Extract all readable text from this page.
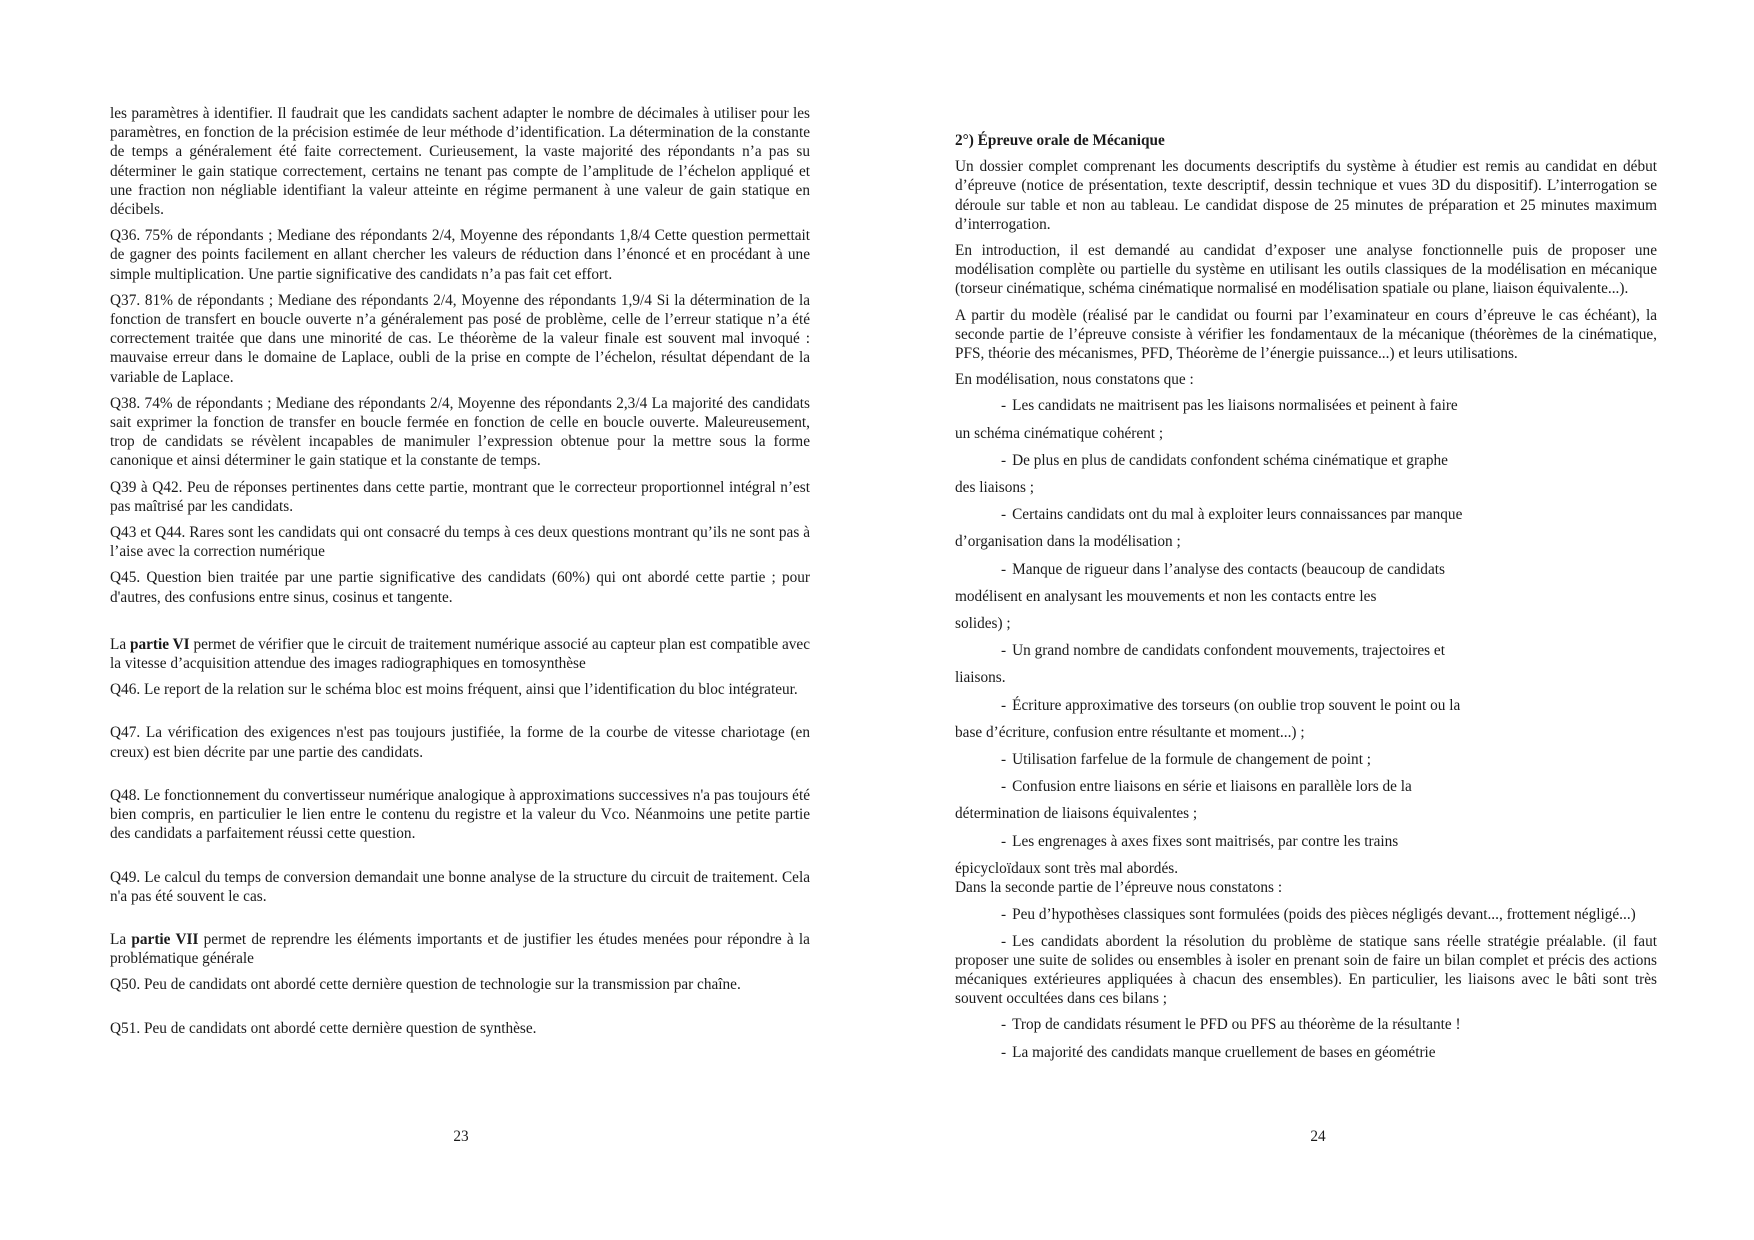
les paramètres à identifier. Il faudrait que les candidats sachent adapter le nombre de décimales à utiliser pour les paramètres, en fonction de la précision estimée de leur méthode d’identification. La détermination de la constante de temps a généralement été faite correctement. Curieusement, la vaste majorité des répondants n’a pas su déterminer le gain statique correctement, certains ne tenant pas compte de l’amplitude de l’échelon appliqué et une fraction non négliable identifiant la valeur atteinte en régime permanent à une valeur de gain statique en décibels.

Q36. 75% de répondants ; Mediane des répondants 2/4, Moyenne des répondants 1,8/4 Cette question permettait de gagner des points facilement en allant chercher les valeurs de réduction dans l’énoncé et en procédant à une simple multiplication. Une partie significative des candidats n’a pas fait cet effort.

Q37. 81% de répondants ; Mediane des répondants 2/4, Moyenne des répondants 1,9/4 Si la détermination de la fonction de transfert en boucle ouverte n’a généralement pas posé de problème, celle de l’erreur statique n’a été correctement traitée que dans une minorité de cas. Le théorème de la valeur finale est souvent mal invoqué : mauvaise erreur dans le domaine de Laplace, oubli de la prise en compte de l’échelon, résultat dépendant de la variable de Laplace.

Q38. 74% de répondants ; Mediane des répondants 2/4, Moyenne des répondants 2,3/4 La majorité des candidats sait exprimer la fonction de transfer en boucle fermée en fonction de celle en boucle ouverte. Maleureusement, trop de candidats se révèlent incapables de manimuler l’expression obtenue pour la mettre sous la forme canonique et ainsi déterminer le gain statique et la constante de temps.

Q39 à Q42. Peu de réponses pertinentes dans cette partie, montrant que le correcteur proportionnel intégral n’est pas maîtrisé par les candidats.

Q43 et Q44. Rares sont les candidats qui ont consacré du temps à ces deux questions montrant qu’ils ne sont pas à l’aise avec la correction numérique

Q45. Question bien traitée par une partie significative des candidats (60%) qui ont abordé cette partie ; pour d'autres, des confusions entre sinus, cosinus et tangente.

La partie VI permet de vérifier que le circuit de traitement numérique associé au capteur plan est compatible avec la vitesse d’acquisition attendue des images radiographiques en tomosynthèse

Q46. Le report de la relation sur le schéma bloc est moins fréquent, ainsi que l’identification du bloc intégrateur.

Q47. La vérification des exigences n'est pas toujours justifiée, la forme de la courbe de vitesse chariotage (en creux) est bien décrite par une partie des candidats.

Q48. Le fonctionnement du convertisseur numérique analogique à approximations successives n'a pas toujours été bien compris, en particulier le lien entre le contenu du registre et la valeur du Vco. Néanmoins une petite partie des candidats a parfaitement réussi cette question.

Q49. Le calcul du temps de conversion demandait une bonne analyse de la structure du circuit de traitement. Cela n'a pas été souvent le cas.

La partie VII permet de reprendre les éléments importants et de justifier les études menées pour répondre à la problématique générale

Q50. Peu de candidats ont abordé cette dernière question de technologie sur la transmission par chaîne.

Q51. Peu de candidats ont abordé cette dernière question de synthèse.

23
2°) Épreuve orale de Mécanique

Un dossier complet comprenant les documents descriptifs du système à étudier est remis au candidat en début d’épreuve (notice de présentation, texte descriptif, dessin technique et vues 3D du dispositif). L’interrogation se déroule sur table et non au tableau. Le candidat dispose de 25 minutes de préparation et 25 minutes maximum d’interrogation.

En introduction, il est demandé au candidat d’exposer une analyse fonctionnelle puis de proposer une modélisation complète ou partielle du système en utilisant les outils classiques de la modélisation en mécanique (torseur cinématique, schéma cinématique normalisé en modélisation spatiale ou plane, liaison équivalente...).

A partir du modèle (réalisé par le candidat ou fourni par l’examinateur en cours d’épreuve le cas échéant), la seconde partie de l’épreuve consiste à vérifier les fondamentaux de la mécanique (théorèmes de la cinématique, PFS, théorie des mécanismes, PFD, Théorème de l’énergie puissance...) et leurs utilisations.

En modélisation, nous constatons que :

- Les candidats ne maitrisent pas les liaisons normalisées et peinent à faire
un schéma cinématique cohérent ;
- De plus en plus de candidats confondent schéma cinématique et graphe
des liaisons ;
- Certains candidats ont du mal à exploiter leurs connaissances par manque
d’organisation dans la modélisation ;
- Manque de rigueur dans l’analyse des contacts (beaucoup de candidats
modélisent en analysant les mouvements et non les contacts entre les
solides) ;
- Un grand nombre de candidats confondent mouvements, trajectoires et
liaisons.
- Écriture approximative des torseurs (on oublie trop souvent le point ou la
base d’écriture, confusion entre résultante et moment...) ;
- Utilisation farfelue de la formule de changement de point ;
- Confusion entre liaisons en série et liaisons en parallèle lors de la
détermination de liaisons équivalentes ;
- Les engrenages à axes fixes sont maitrisés, par contre les trains
épicycloïdaux sont très mal abordés.
Dans la seconde partie de l’épreuve nous constatons :

- Peu d’hypothèses classiques sont formulées (poids des pièces négligés devant..., frottement négligé...)

- Les candidats abordent la résolution du problème de statique sans réelle stratégie préalable. (il faut proposer une suite de solides ou ensembles à isoler en prenant soin de faire un bilan complet et précis des actions mécaniques extérieures appliquées à chacun des ensembles). En particulier, les liaisons avec le bâti sont très souvent occultées dans ces bilans ;

- Trop de candidats résument le PFD ou PFS au théorème de la résultante !
- La majorité des candidats manque cruellement de bases en géométrie
24
